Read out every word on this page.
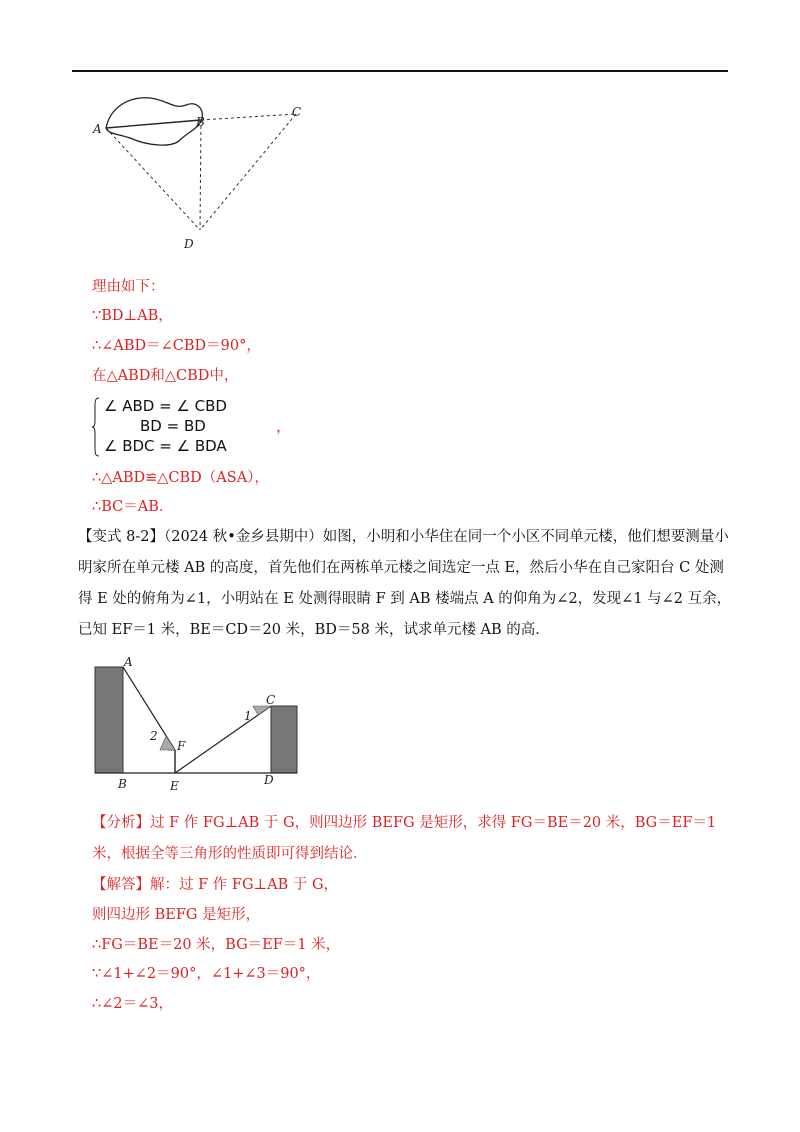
A	B
C
D
理由如下：
∵BD⊥AB，
∴∠ABD＝∠CBD＝90°，
在△ABD和△CBD中，
∠ ABD = ∠ CBD
BD = BD
∠ BDC = ∠ BDA
，
∴△ABD≌△CBD（ASA），
∴BC＝AB．
【变式 8-2】（2024 秋•金乡县期中）如图，小明和小华住在同一个小区不同单元楼，他们想要测量小明家所在单元楼 AB 的高度，首先他们在两栋单元楼之间选定一点 E，然后小华在自己家阳台 C 处测得 E 处的俯角为∠1，小明站在 E 处测得眼睛 F 到 AB 楼端点 A 的仰角为∠2，发现∠1 与∠2 互余，已知 EF＝1 米，BE＝CD＝20 米，BD＝58 米，试求单元楼 AB 的高．
A
B
C
D
E
F
1
2
【分析】过 F 作 FG⊥AB 于 G，则四边形 BEFG 是矩形，求得 FG＝BE＝20 米，BG＝EF＝1 米，根据全等三角形的性质即可得到结论．
【解答】解：过 F 作 FG⊥AB 于 G，
则四边形 BEFG 是矩形，
∴FG＝BE＝20 米，BG＝EF＝1 米，
∵∠1+∠2＝90°，∠1+∠3＝90°，
∴∠2＝∠3，
